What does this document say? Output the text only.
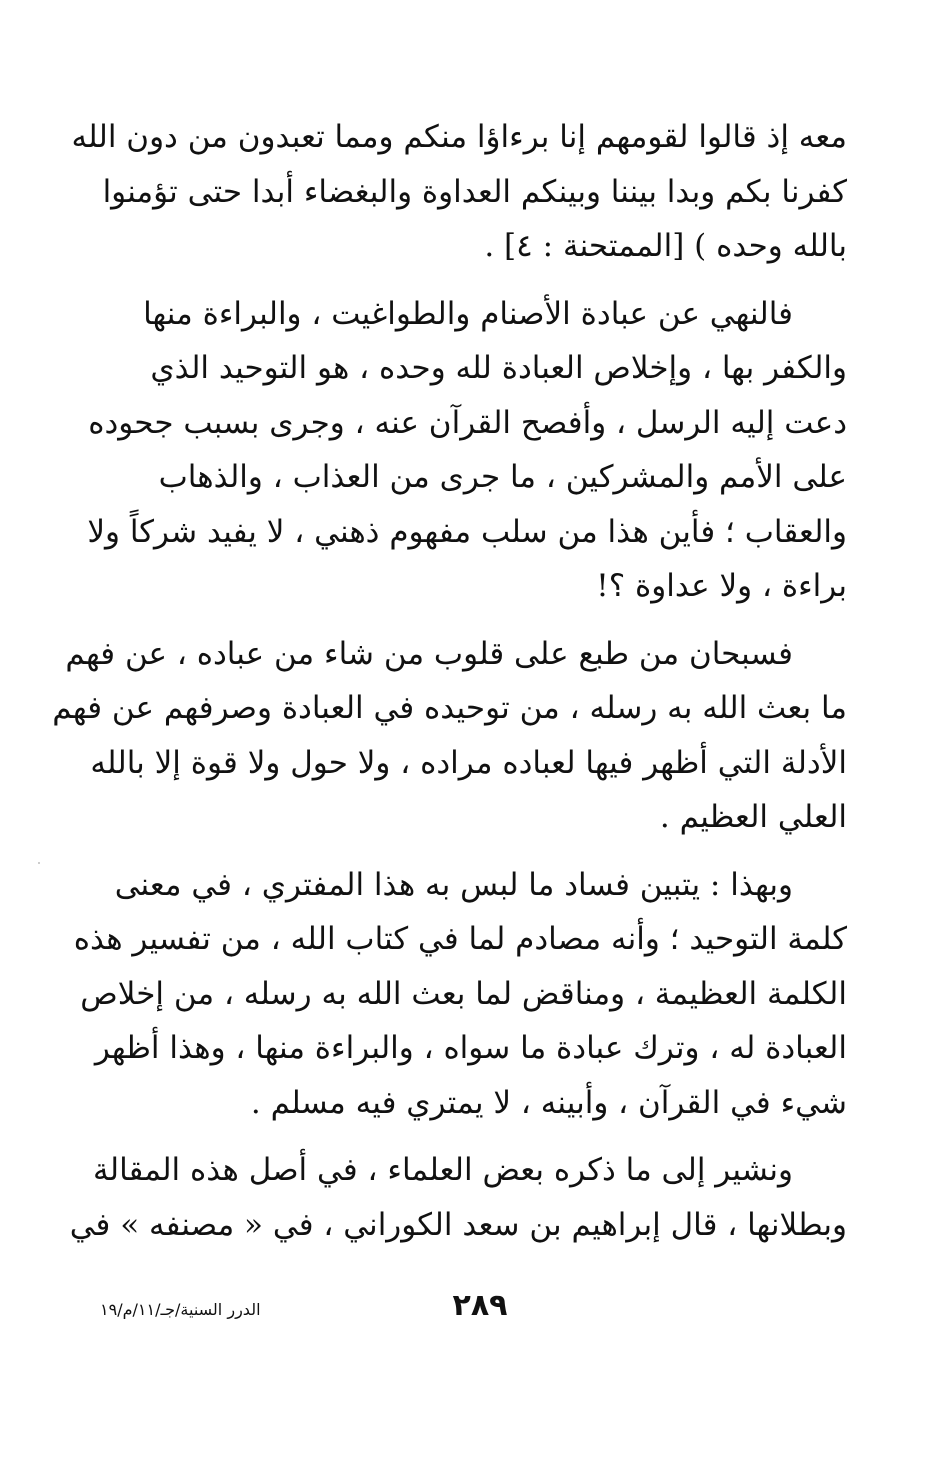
معه إذ قالوا لقومهم إنا برءاؤا منكم ومما تعبدون من دون الله
كفرنا بكم وبدا بيننا وبينكم العداوة والبغضاء أبدا حتى تؤمنوا
بالله وحده ) [الممتحنة : ٤] .

فالنهي عن عبادة الأصنام والطواغيت ، والبراءة منها
والكفر بها ، وإخلاص العبادة لله وحده ، هو التوحيد الذي
دعت إليه الرسل ، وأفصح القرآن عنه ، وجرى بسبب جحوده
على الأمم والمشركين ، ما جرى من العذاب ، والذهاب
والعقاب ؛ فأين هذا من سلب مفهوم ذهني ، لا يفيد شركاً ولا
براءة ، ولا عداوة ؟!

فسبحان من طبع على قلوب من شاء من عباده ، عن فهم
ما بعث الله به رسله ، من توحيده في العبادة وصرفهم عن فهم
الأدلة التي أظهر فيها لعباده مراده ، ولا حول ولا قوة إلا بالله
العلي العظيم .

وبهذا : يتبين فساد ما لبس به هذا المفتري ، في معنى
كلمة التوحيد ؛ وأنه مصادم لما في كتاب الله ، من تفسير هذه
الكلمة العظيمة ، ومناقض لما بعث الله به رسله ، من إخلاص
العبادة له ، وترك عبادة ما سواه ، والبراءة منها ، وهذا أظهر
شيء في القرآن ، وأبينه ، لا يمتري فيه مسلم .

ونشير إلى ما ذكره بعض العلماء ، في أصل هذه المقالة
وبطلانها ، قال إبراهيم بن سعد الكوراني ، في « مصنفه » في

٢٨٩
الدرر السنية/جـ/١١/م/١٩
